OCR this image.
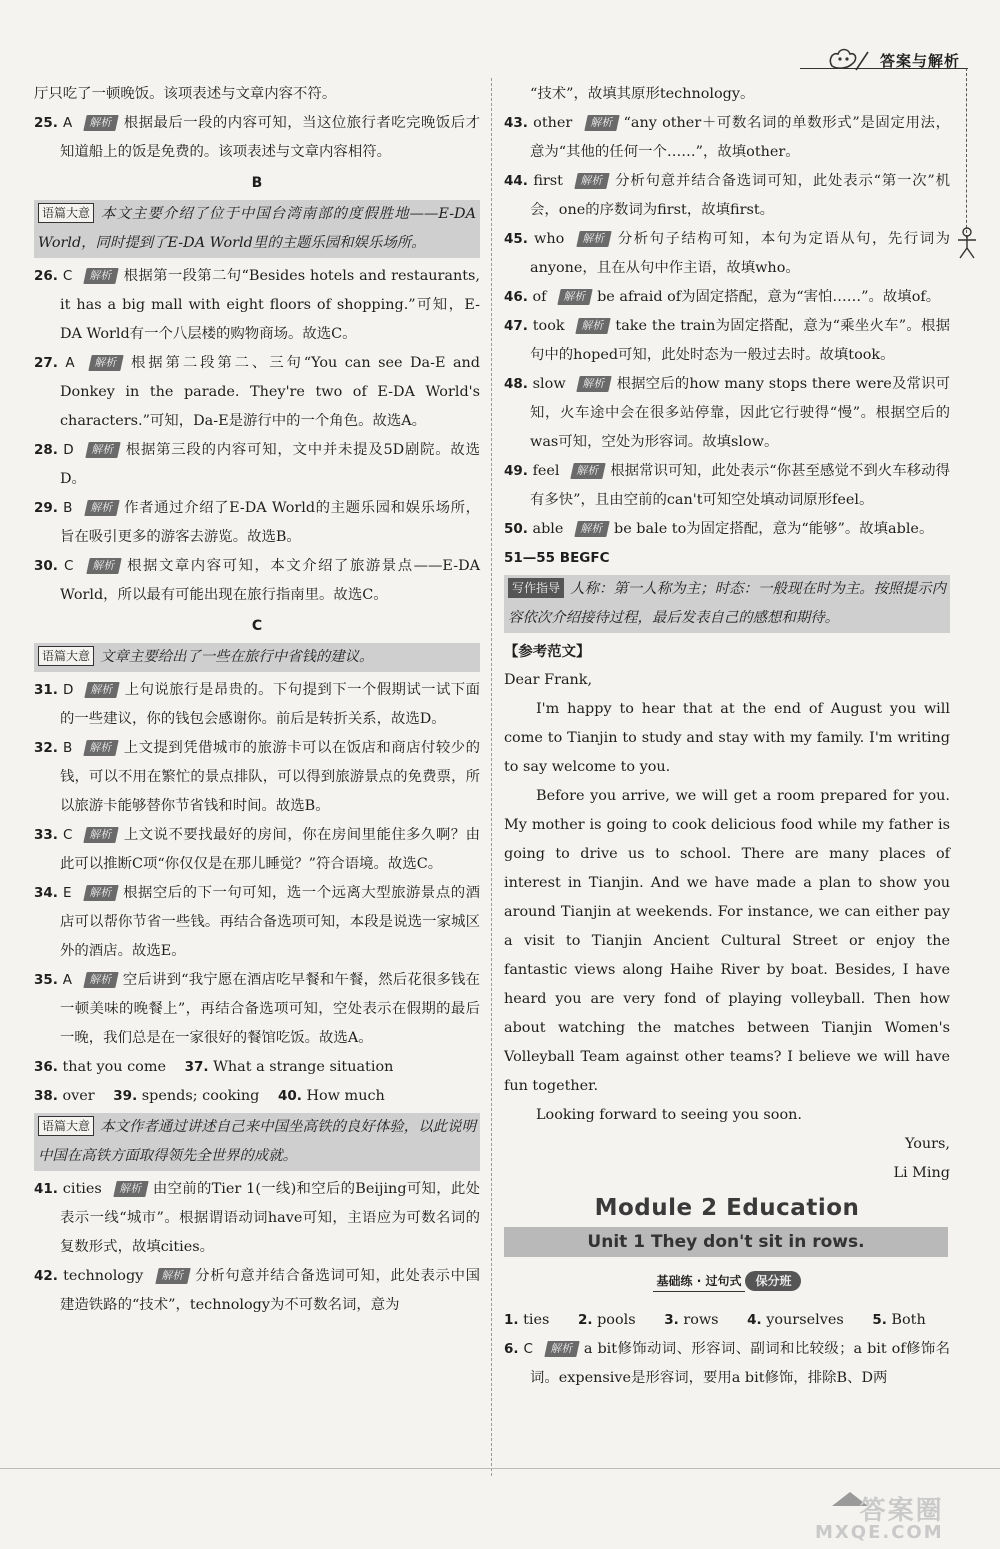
答案与解析

厅只吃了一顿晚饭。该项表述与文章内容不符。

25. A 解析 根据最后一段的内容可知，当这位旅行者吃完晚饭后才知道船上的饭是免费的。该项表述与文章内容相符。

B
语篇大意 本文主要介绍了位于中国台湾南部的度假胜地——E-DA World，同时提到了E-DA World里的主题乐园和娱乐场所。

26. C 解析 根据第一段第二句“Besides hotels and restaurants, it has a big mall with eight floors of shopping.”可知，E-DA World有一个八层楼的购物商场。故选C。

27. A 解析 根据第二段第二、三句“You can see Da-E and Donkey in the parade. They're two of E-DA World's characters.”可知，Da-E是游行中的一个角色。故选A。

28. D 解析 根据第三段的内容可知，文中并未提及5D剧院。故选D。

29. B 解析 作者通过介绍了E-DA World的主题乐园和娱乐场所，旨在吸引更多的游客去游览。故选B。

30. C 解析 根据文章内容可知，本文介绍了旅游景点——E-DA World，所以最有可能出现在旅行指南里。故选C。

C
语篇大意 文章主要给出了一些在旅行中省钱的建议。

31. D 解析 上句说旅行是昂贵的。下句提到下一个假期试一试下面的一些建议，你的钱包会感谢你。前后是转折关系，故选D。

32. B 解析 上文提到凭借城市的旅游卡可以在饭店和商店付较少的钱，可以不用在繁忙的景点排队，可以得到旅游景点的免费票，所以旅游卡能够替你节省钱和时间。故选B。

33. C 解析 上文说不要找最好的房间，你在房间里能住多久啊？由此可以推断C项“你仅仅是在那儿睡觉？”符合语境。故选C。

34. E 解析 根据空后的下一句可知，选一个远离大型旅游景点的酒店可以帮你节省一些钱。再结合备选项可知，本段是说选一家城区外的酒店。故选E。

35. A 解析 空后讲到“我宁愿在酒店吃早餐和午餐，然后花很多钱在一顿美味的晚餐上”，再结合备选项可知，空处表示在假期的最后一晚，我们总是在一家很好的餐馆吃饭。故选A。

36. that you come 37. What a strange situation

38. over 39. spends; cooking 40. How much

语篇大意 本文作者通过讲述自己来中国坐高铁的良好体验，以此说明中国在高铁方面取得领先全世界的成就。

41. cities 解析 由空前的Tier 1(一线)和空后的Beijing可知，此处表示一线“城市”。根据谓语动词have可知，主语应为可数名词的复数形式，故填cities。

42. technology 解析 分析句意并结合备选词可知，此处表示中国建造铁路的“技术”，technology为不可数名词，意为

“技术”，故填其原形technology。

43. other 解析 “any other＋可数名词的单数形式”是固定用法，意为“其他的任何一个……”，故填other。

44. first 解析 分析句意并结合备选词可知，此处表示“第一次”机会，one的序数词为first，故填first。

45. who 解析 分析句子结构可知，本句为定语从句，先行词为anyone，且在从句中作主语，故填who。

46. of 解析 be afraid of为固定搭配，意为“害怕……”。故填of。

47. took 解析 take the train为固定搭配，意为“乘坐火车”。根据句中的hoped可知，此处时态为一般过去时。故填took。

48. slow 解析 根据空后的how many stops there were及常识可知，火车途中会在很多站停靠，因此它行驶得“慢”。根据空后的was可知，空处为形容词。故填slow。

49. feel 解析 根据常识可知，此处表示“你甚至感觉不到火车移动得有多快”，且由空前的can't可知空处填动词原形feel。

50. able 解析 be bale to为固定搭配，意为“能够”。故填able。

51—55 BEGFC

写作指导 人称：第一人称为主；时态：一般现在时为主。按照提示内容依次介绍接待过程，最后发表自己的感想和期待。

【参考范文】

Dear Frank,

I'm happy to hear that at the end of August you will come to Tianjin to study and stay with my family. I'm writing to say welcome to you.

Before you arrive, we will get a room prepared for you. My mother is going to cook delicious food while my father is going to drive us to school. There are many places of interest in Tianjin. And we have made a plan to show you around Tianjin at weekends. For instance, we can either pay a visit to Tianjin Ancient Cultural Street or enjoy the fantastic views along Haihe River by boat. Besides, I have heard you are very fond of playing volleyball. Then how about watching the matches between Tianjin Women's Volleyball Team against other teams? I believe we will have fun together.

Looking forward to seeing you soon.

Yours,

Li Ming

Module 2 Education
Unit 1 They don't sit in rows.
基础练 · 过句式 保分班

1. ties 2. pools 3. rows 4. yourselves 5. Both

6. C 解析 a bit修饰动词、形容词、副词和比较级；a bit of修饰名词。expensive是形容词，要用a bit修饰，排除B、D两

答案圈
MXQE.COM
